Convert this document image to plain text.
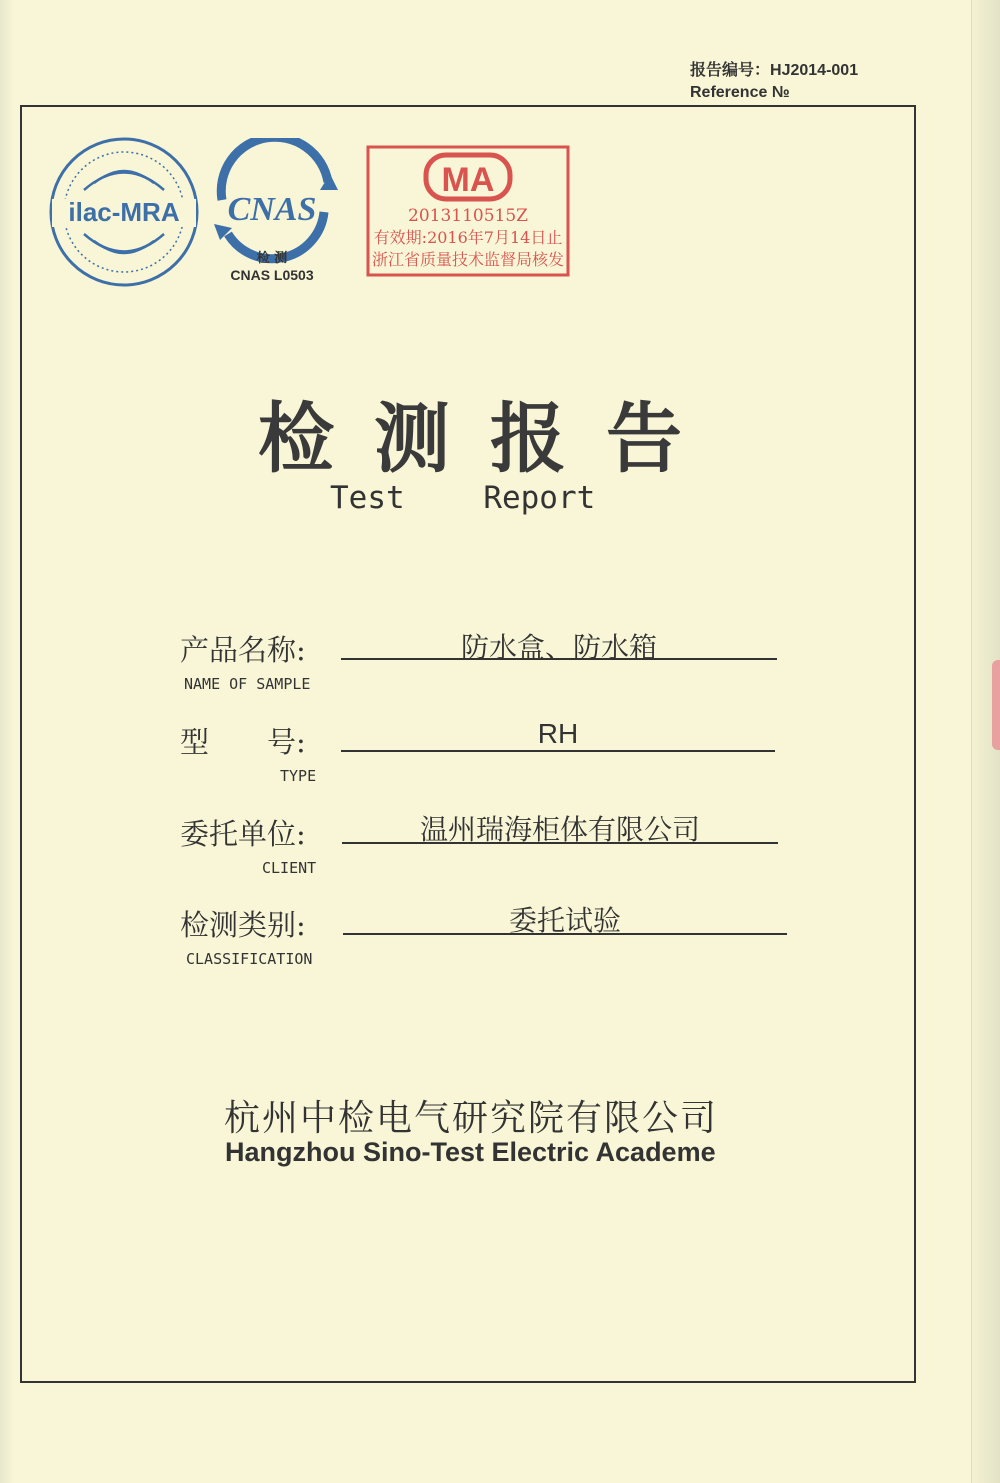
报告编号：HJ2014-001
Reference №
ilac-MRA CNAS
检 测
CNAS L0503
MA
2013110515Z
有效期:2016年7月14日止
浙江省质量技术监督局核发
检测报告
Test Report
产品名称:
NAME OF SAMPLE
防水盒、防水箱
型　　号:
TYPE
RH
委托单位:
CLIENT
温州瑞海柜体有限公司
检测类别:
CLASSIFICATION
委托试验
杭州中检电气研究院有限公司
Hangzhou Sino-Test Electric Academe
